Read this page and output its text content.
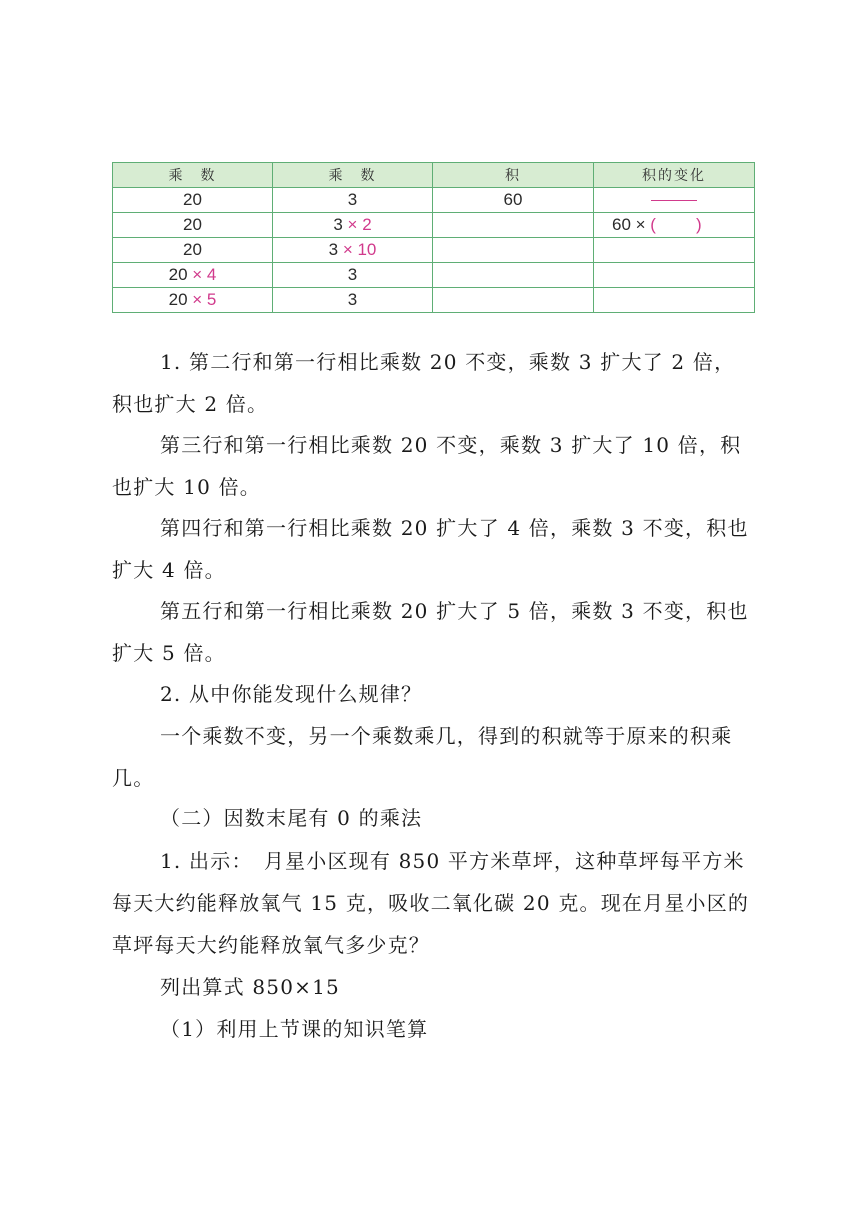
乘　数	乘　数	积	积的变化
20	3	60	
20	3 × 2		60 × ( )
20	3 × 10		
20 × 4	3		
20 × 5	3		

1. 第二行和第一行相比乘数 20 不变，乘数 3 扩大了 2 倍，积也扩大 2 倍。

第三行和第一行相比乘数 20 不变，乘数 3 扩大了 10 倍，积也扩大 10 倍。

第四行和第一行相比乘数 20 扩大了 4 倍，乘数 3 不变，积也扩大 4 倍。

第五行和第一行相比乘数 20 扩大了 5 倍，乘数 3 不变，积也扩大 5 倍。

2. 从中你能发现什么规律？

一个乘数不变，另一个乘数乘几，得到的积就等于原来的积乘几。

（二）因数末尾有 0 的乘法

1. 出示：　月星小区现有 850 平方米草坪，这种草坪每平方米每天大约能释放氧气 15 克，吸收二氧化碳 20 克。现在月星小区的草坪每天大约能释放氧气多少克？

列出算式 850×15

（1）利用上节课的知识笔算
